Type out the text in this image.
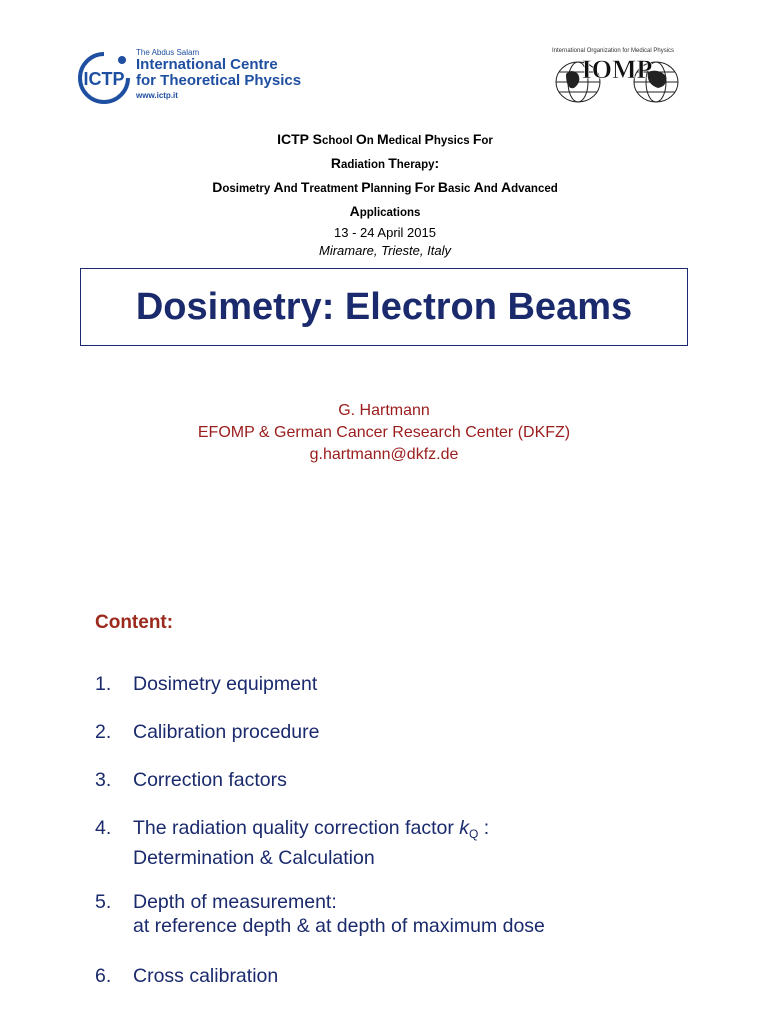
ICTP
The Abdus Salam
International Centre
for Theoretical Physics
www.ictp.it
International Organization for Medical Physics
IOMP
ICTP School On Medical Physics For
Radiation Therapy:
Dosimetry And Treatment Planning For Basic And Advanced
Applications
13 - 24 April 2015
Miramare, Trieste, Italy
Dosimetry: Electron Beams
G. Hartmann
EFOMP & German Cancer Research Center (DKFZ)
g.hartmann@dkfz.de
Content:
1.	Dosimetry equipment
2.	Calibration procedure
3.	Correction factors
4.	The radiation quality correction factor $k_Q$ :
Determination & Calculation
5.	Depth of measurement:
at reference depth & at depth of maximum dose
6.	Cross calibration
